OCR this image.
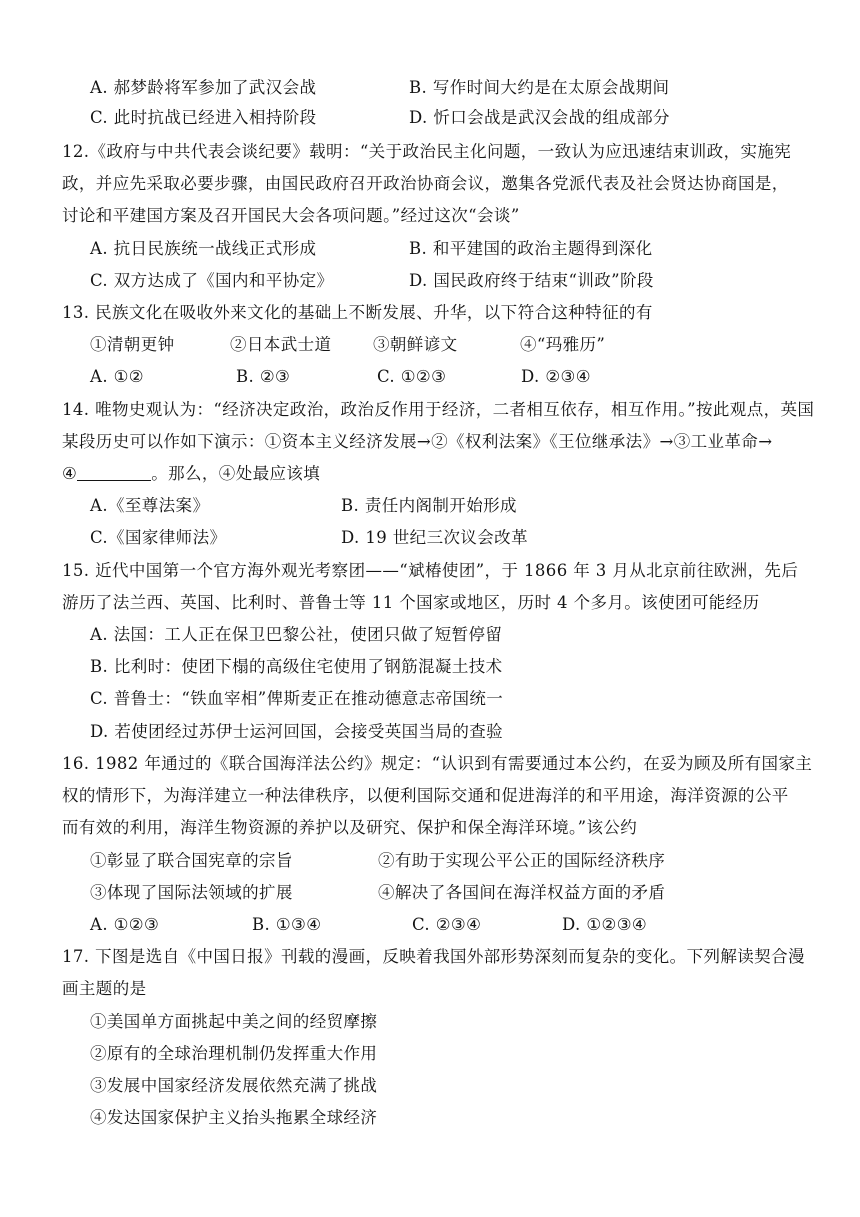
A. 郝梦龄将军参加了武汉会战	B. 写作时间大约是在太原会战期间
C. 此时抗战已经进入相持阶段	D. 忻口会战是武汉会战的组成部分
12.《政府与中共代表会谈纪要》载明：“关于政治民主化问题，一致认为应迅速结束训政，实施宪
政，并应先采取必要步骤，由国民政府召开政治协商会议，邀集各党派代表及社会贤达协商国是，
讨论和平建国方案及召开国民大会各项问题。”经过这次“会谈”
A. 抗日民族统一战线正式形成	B. 和平建国的政治主题得到深化
C. 双方达成了《国内和平协定》	D. 国民政府终于结束“训政”阶段
13. 民族文化在吸收外来文化的基础上不断发展、升华，以下符合这种特征的有
①清朝更钟	②日本武士道	③朝鲜谚文	④“玛雅历”
A. ①②	B. ②③	C. ①②③	D. ②③④
14. 唯物史观认为：“经济决定政治，政治反作用于经济，二者相互依存，相互作用。”按此观点，英国
某段历史可以作如下演示：①资本主义经济发展→②《权利法案》《王位继承法》→③工业革命→
④	。那么，④处最应该填
A.《至尊法案》	B. 责任内阁制开始形成
C.《国家律师法》	D. 19 世纪三次议会改革
15. 近代中国第一个官方海外观光考察团——“斌椿使团”，于 1866 年 3 月从北京前往欧洲，先后
游历了法兰西、英国、比利时、普鲁士等 11 个国家或地区，历时 4 个多月。该使团可能经历
A. 法国：工人正在保卫巴黎公社，使团只做了短暂停留
B. 比利时：使团下榻的高级住宅使用了钢筋混凝土技术
C. 普鲁士：“铁血宰相”俾斯麦正在推动德意志帝国统一
D. 若使团经过苏伊士运河回国，会接受英国当局的查验
16. 1982 年通过的《联合国海洋法公约》规定：“认识到有需要通过本公约，在妥为顾及所有国家主
权的情形下，为海洋建立一种法律秩序，以便利国际交通和促进海洋的和平用途，海洋资源的公平
而有效的利用，海洋生物资源的养护以及研究、保护和保全海洋环境。”该公约
①彰显了联合国宪章的宗旨	②有助于实现公平公正的国际经济秩序
③体现了国际法领域的扩展	④解决了各国间在海洋权益方面的矛盾
A. ①②③	B. ①③④	C. ②③④	D. ①②③④
17. 下图是选自《中国日报》刊载的漫画，反映着我国外部形势深刻而复杂的变化。下列解读契合漫
画主题的是
①美国单方面挑起中美之间的经贸摩擦
②原有的全球治理机制仍发挥重大作用
③发展中国家经济发展依然充满了挑战
④发达国家保护主义抬头拖累全球经济
